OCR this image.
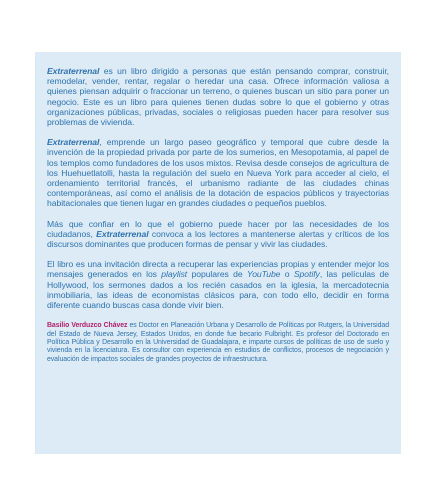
Extraterrenal es un libro dirigido a personas que están pensando comprar, construir, remodelar, vender, rentar, regalar o heredar una casa. Ofrece información valiosa a quienes piensan adquirir o fraccionar un terreno, o quienes buscan un sitio para poner un negocio. Este es un libro para quienes tienen dudas sobre lo que el gobierno y otras organizaciones públicas, privadas, sociales o religiosas pueden hacer para resolver sus problemas de vivienda.

Extraterrenal, emprende un largo paseo geográfico y temporal que cubre desde la invención de la propiedad privada por parte de los sumerios, en Mesopotamia, al papel de los templos como fundadores de los usos mixtos. Revisa desde consejos de agricultura de los Huehuetlatolli, hasta la regulación del suelo en Nueva York para acceder al cielo, el ordenamiento territorial francés, el urbanismo radiante de las ciudades chinas contemporáneas, así como el análisis de la dotación de espacios públicos y trayectorias habitacionales que tienen lugar en grandes ciudades o pequeños pueblos.

Más que confiar en lo que el gobierno puede hacer por las necesidades de los ciudadanos, Extraterrenal convoca a los lectores a mantenerse alertas y críticos de los discursos dominantes que producen formas de pensar y vivir las ciudades.

El libro es una invitación directa a recuperar las experiencias propias y entender mejor los mensajes generados en los playlist populares de YouTube o Spotify, las películas de Hollywood, los sermones dados a los recién casados en la iglesia, la mercadotecnia inmobiliaria, las ideas de economistas clásicos para, con todo ello, decidir en forma diferente cuando buscas casa donde vivir bien.

Basilio Verduzco Chávez es Doctor en Planeación Urbana y Desarrollo de Políticas por Rutgers, la Universidad del Estado de Nueva Jersey, Estados Unidos, en donde fue becario Fulbright. Es profesor del Doctorado en Política Pública y Desarrollo en la Universidad de Guadalajara, e imparte cursos de políticas de uso de suelo y vivienda en la licenciatura. Es consultor con experiencia en estudios de conflictos, procesos de negociación y evaluación de impactos sociales de grandes proyectos de infraestructura.
